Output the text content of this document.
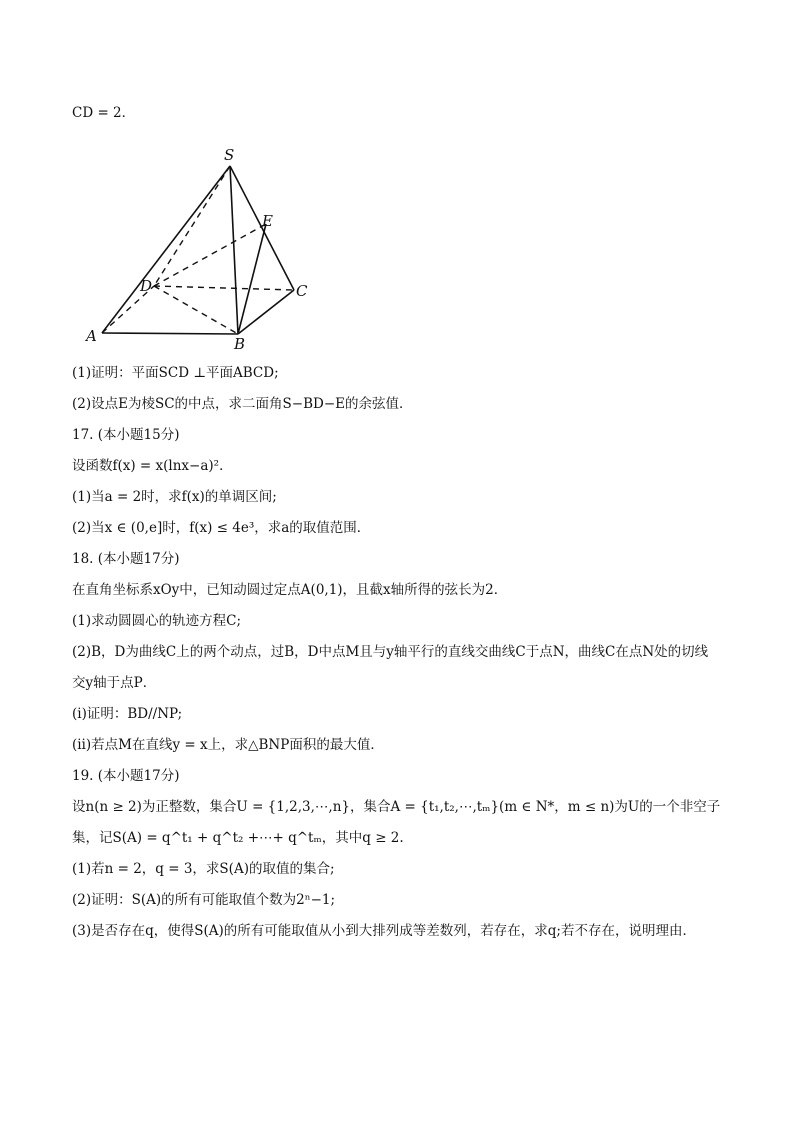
CD = 2．
S
E
D	C
A	B
(1)证明：平面SCD ⊥平面ABCD;
(2)设点E为棱SC的中点，求二面角S−BD−E的余弦值．
17. (本小题15分)
设函数f(x) = x(lnx−a)²．
(1)当a = 2时，求f(x)的单调区间;
(2)当x ∈ (0,e]时，f(x) ≤ 4e³，求a的取值范围．
18. (本小题17分)
在直角坐标系xOy中，已知动圆过定点A(0,1)，且截x轴所得的弦长为2．
(1)求动圆圆心的轨迹方程C;
(2)B，D为曲线C上的两个动点，过B，D中点M且与y轴平行的直线交曲线C于点N，曲线C在点N处的切线
交y轴于点P．
(ⅰ)证明：BD//NP;
(ⅱ)若点M在直线y = x上，求△BNP面积的最大值．
19. (本小题17分)
设n(n ≥ 2)为正整数，集合U = {1,2,3,⋯,n}，集合A = {t₁,t₂,⋯,tₘ}(m ∈ N*，m ≤ n)为U的一个非空子
集，记S(A) = q^t₁ + q^t₂ +⋯+ q^tₘ，其中q ≥ 2.
(1)若n = 2，q = 3，求S(A)的取值的集合;
(2)证明：S(A)的所有可能取值个数为2ⁿ−1;
(3)是否存在q，使得S(A)的所有可能取值从小到大排列成等差数列，若存在，求q;若不存在，说明理由．
